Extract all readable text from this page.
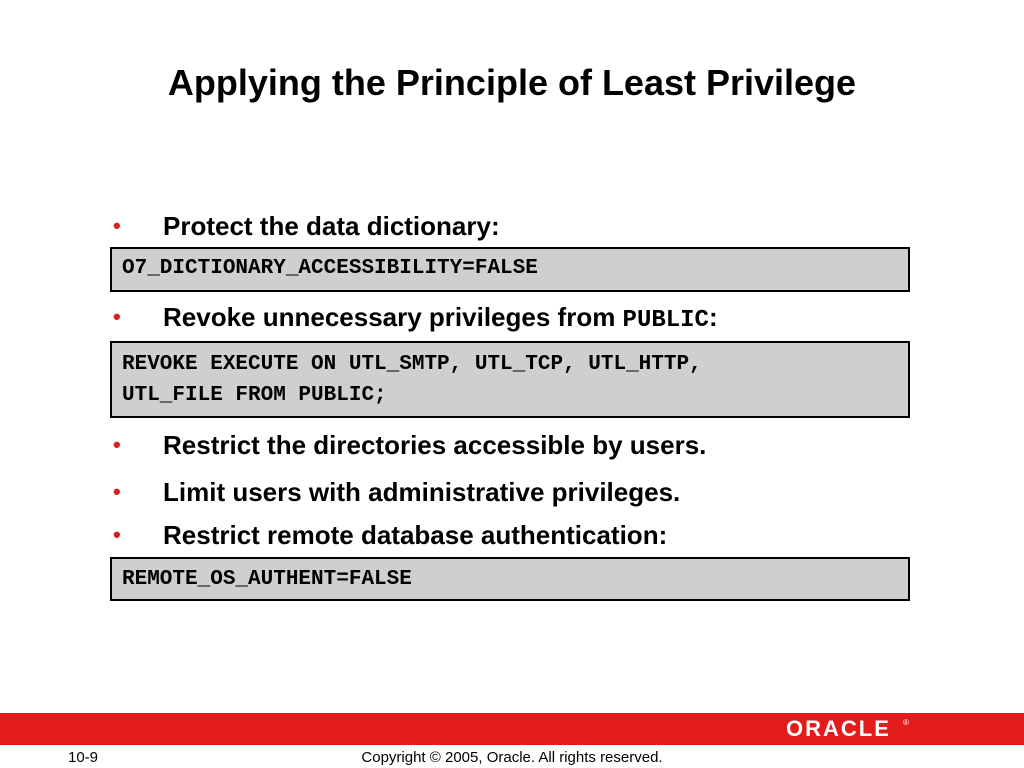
Applying the Principle of Least Privilege
•	Protect the data dictionary:
O7_DICTIONARY_ACCESSIBILITY=FALSE
•	Revoke unnecessary privileges from PUBLIC:
REVOKE EXECUTE ON UTL_SMTP, UTL_TCP, UTL_HTTP,
UTL_FILE FROM PUBLIC;
•	Restrict the directories accessible by users.
•	Limit users with administrative privileges.
•	Restrict remote database authentication:
REMOTE_OS_AUTHENT=FALSE
ORACLE ®
10-9	Copyright © 2005, Oracle. All rights reserved.
